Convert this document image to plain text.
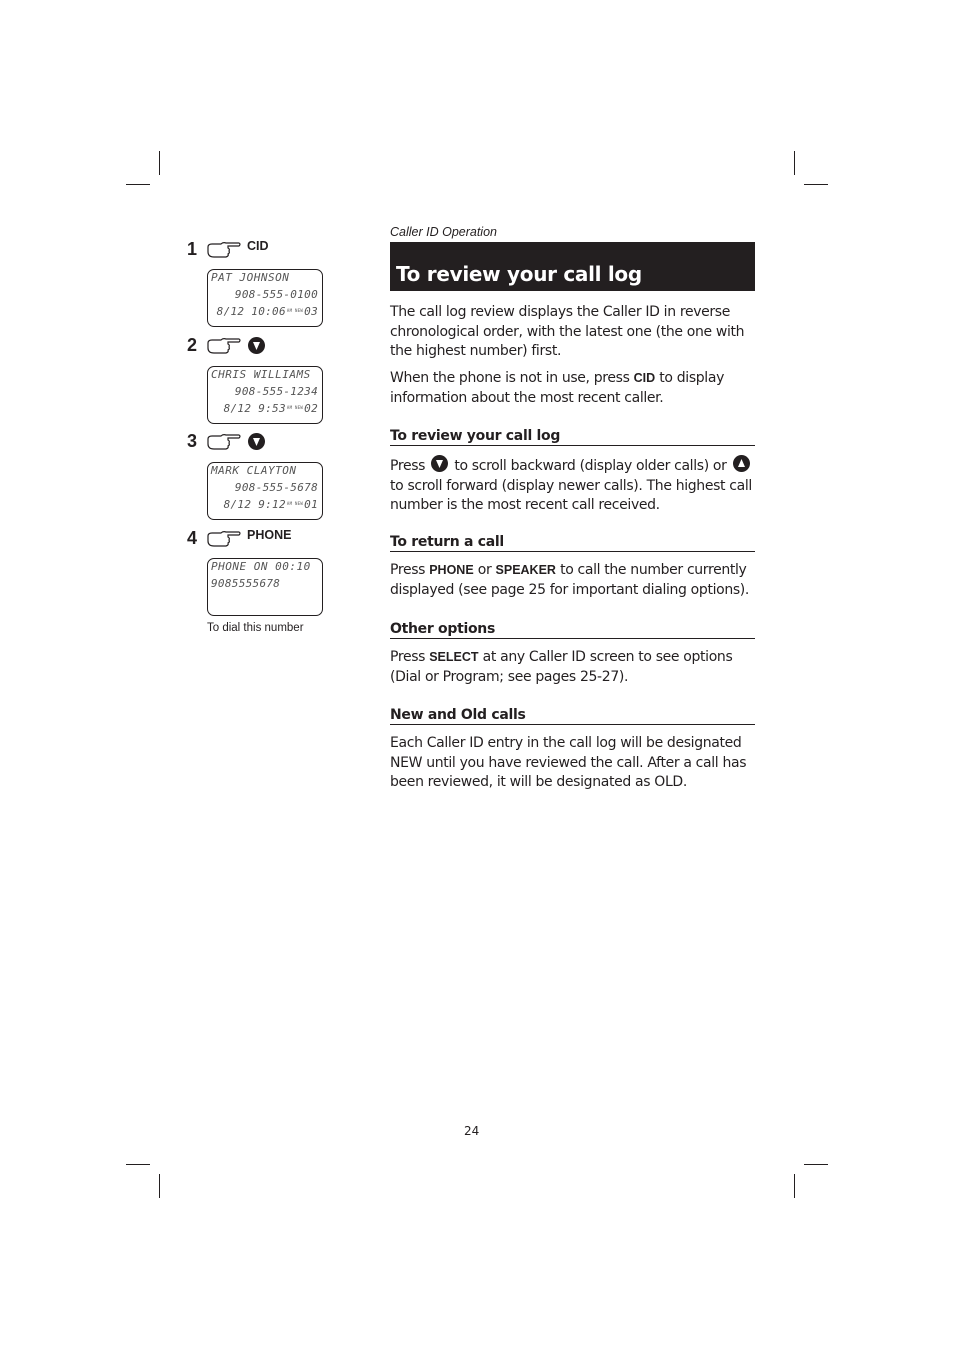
1	CID
PAT JOHNSON
908-555-0100
8/12 $10:06^{AM NEW}03$
2
CHRIS WILLIAMS
908-555-1234
8/12 $9:53^{AM NEW}02$
3
MARK CLAYTON
908-555-5678
8/12 $9:12^{AM NEW}01$
4	PHONE
PHONE ON 00:10
9085555678
To dial this number
Caller ID Operation
To review your call log

The call log review displays the Caller ID in reverse chronological order, with the latest one (the one with the highest number) first.

When the phone is not in use, press CID to display information about the most recent caller.

To review your call log

Press to scroll backward (display older calls) or
to scroll forward (display newer calls). The highest call number is the most recent call received.

To return a call

Press PHONE or SPEAKER to call the number currently displayed (see page 25 for important dialing options).

Other options

Press SELECT at any Caller ID screen to see options (Dial or Program; see pages 25-27).

New and Old calls

Each Caller ID entry in the call log will be designated NEW until you have reviewed the call. After a call has been reviewed, it will be designated as OLD.

24
